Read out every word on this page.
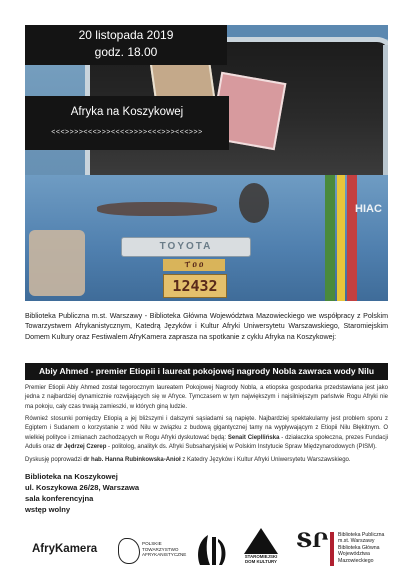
TOYOTA
ፐ ዐ ዐ
12432
HIAC
20 listopada 2019
godz. 18.00
Afryka na Koszykowej
<<<>>>><<<>>><<<<>>>><<<>>><<<>>>
Biblioteka Publiczna m.st. Warszawy - Biblioteka Główna Województwa Mazowieckiego we współpracy z Polskim Towarzystwem Afrykanistycznym, Katedrą Języków i Kultur Afryki Uniwersytetu Warszawskiego, Staromiejskim Domem Kultury oraz Festiwalem AfryKamera zaprasza na spotkanie z cyklu Afryka na Koszykowej:
Abiy Ahmed - premier Etiopii i laureat pokojowej nagrody Nobla zawraca wody Nilu
Premier Etiopii Abiy Ahmed został tegorocznym laureatem Pokojowej Nagrody Nobla, a etiopska gospodarka przedstawiana jest jako jedna z najbardziej dynamicznie rozwijających się w Afryce. Tymczasem w tym największym i najsilniejszym państwie Rogu Afryki nie ma pokoju, cały czas trwają zamieszki, w których giną ludzie.
Również stosunki pomiędzy Etiopią a jej bliższymi i dalszymi sąsiadami są napięte. Najbardziej spektakularny jest problem sporu z Egiptem i Sudanem o korzystanie z wód Nilu w związku z budową gigantycznej tamy na wypływającym z Etiopii Nilu Błękitnym. O wielkiej polityce i zmianach zachodzących w Rogu Afryki dyskutować będą: Senait Ciepllińska - działaczka społeczna, prezes Fundacji Adulis oraz dr Jędrzej Czerep - politolog, analityk ds. Afryki Subsaharyjskiej w Polskim Instytucie Spraw Międzynarodowych (PISM).
Dyskusję poprowadzi dr hab. Hanna Rubinkowska-Anioł z Katedry Języków i Kultur Afryki Uniwersytetu Warszawskiego.
Biblioteka na Koszykowej
ul. Koszykowa 26/28, Warszawa
sala konferencyjna
wstęp wolny
AfryKamera	POLSKIE
TOWARZYSTWO
AFRYKANISTYCZNE	STAROMIEJSKI
DOM KULTURY
ՏՐ Biblioteka Publiczna
m.st. Warszawy
Biblioteka Główna
Województwa Mazowieckiego
